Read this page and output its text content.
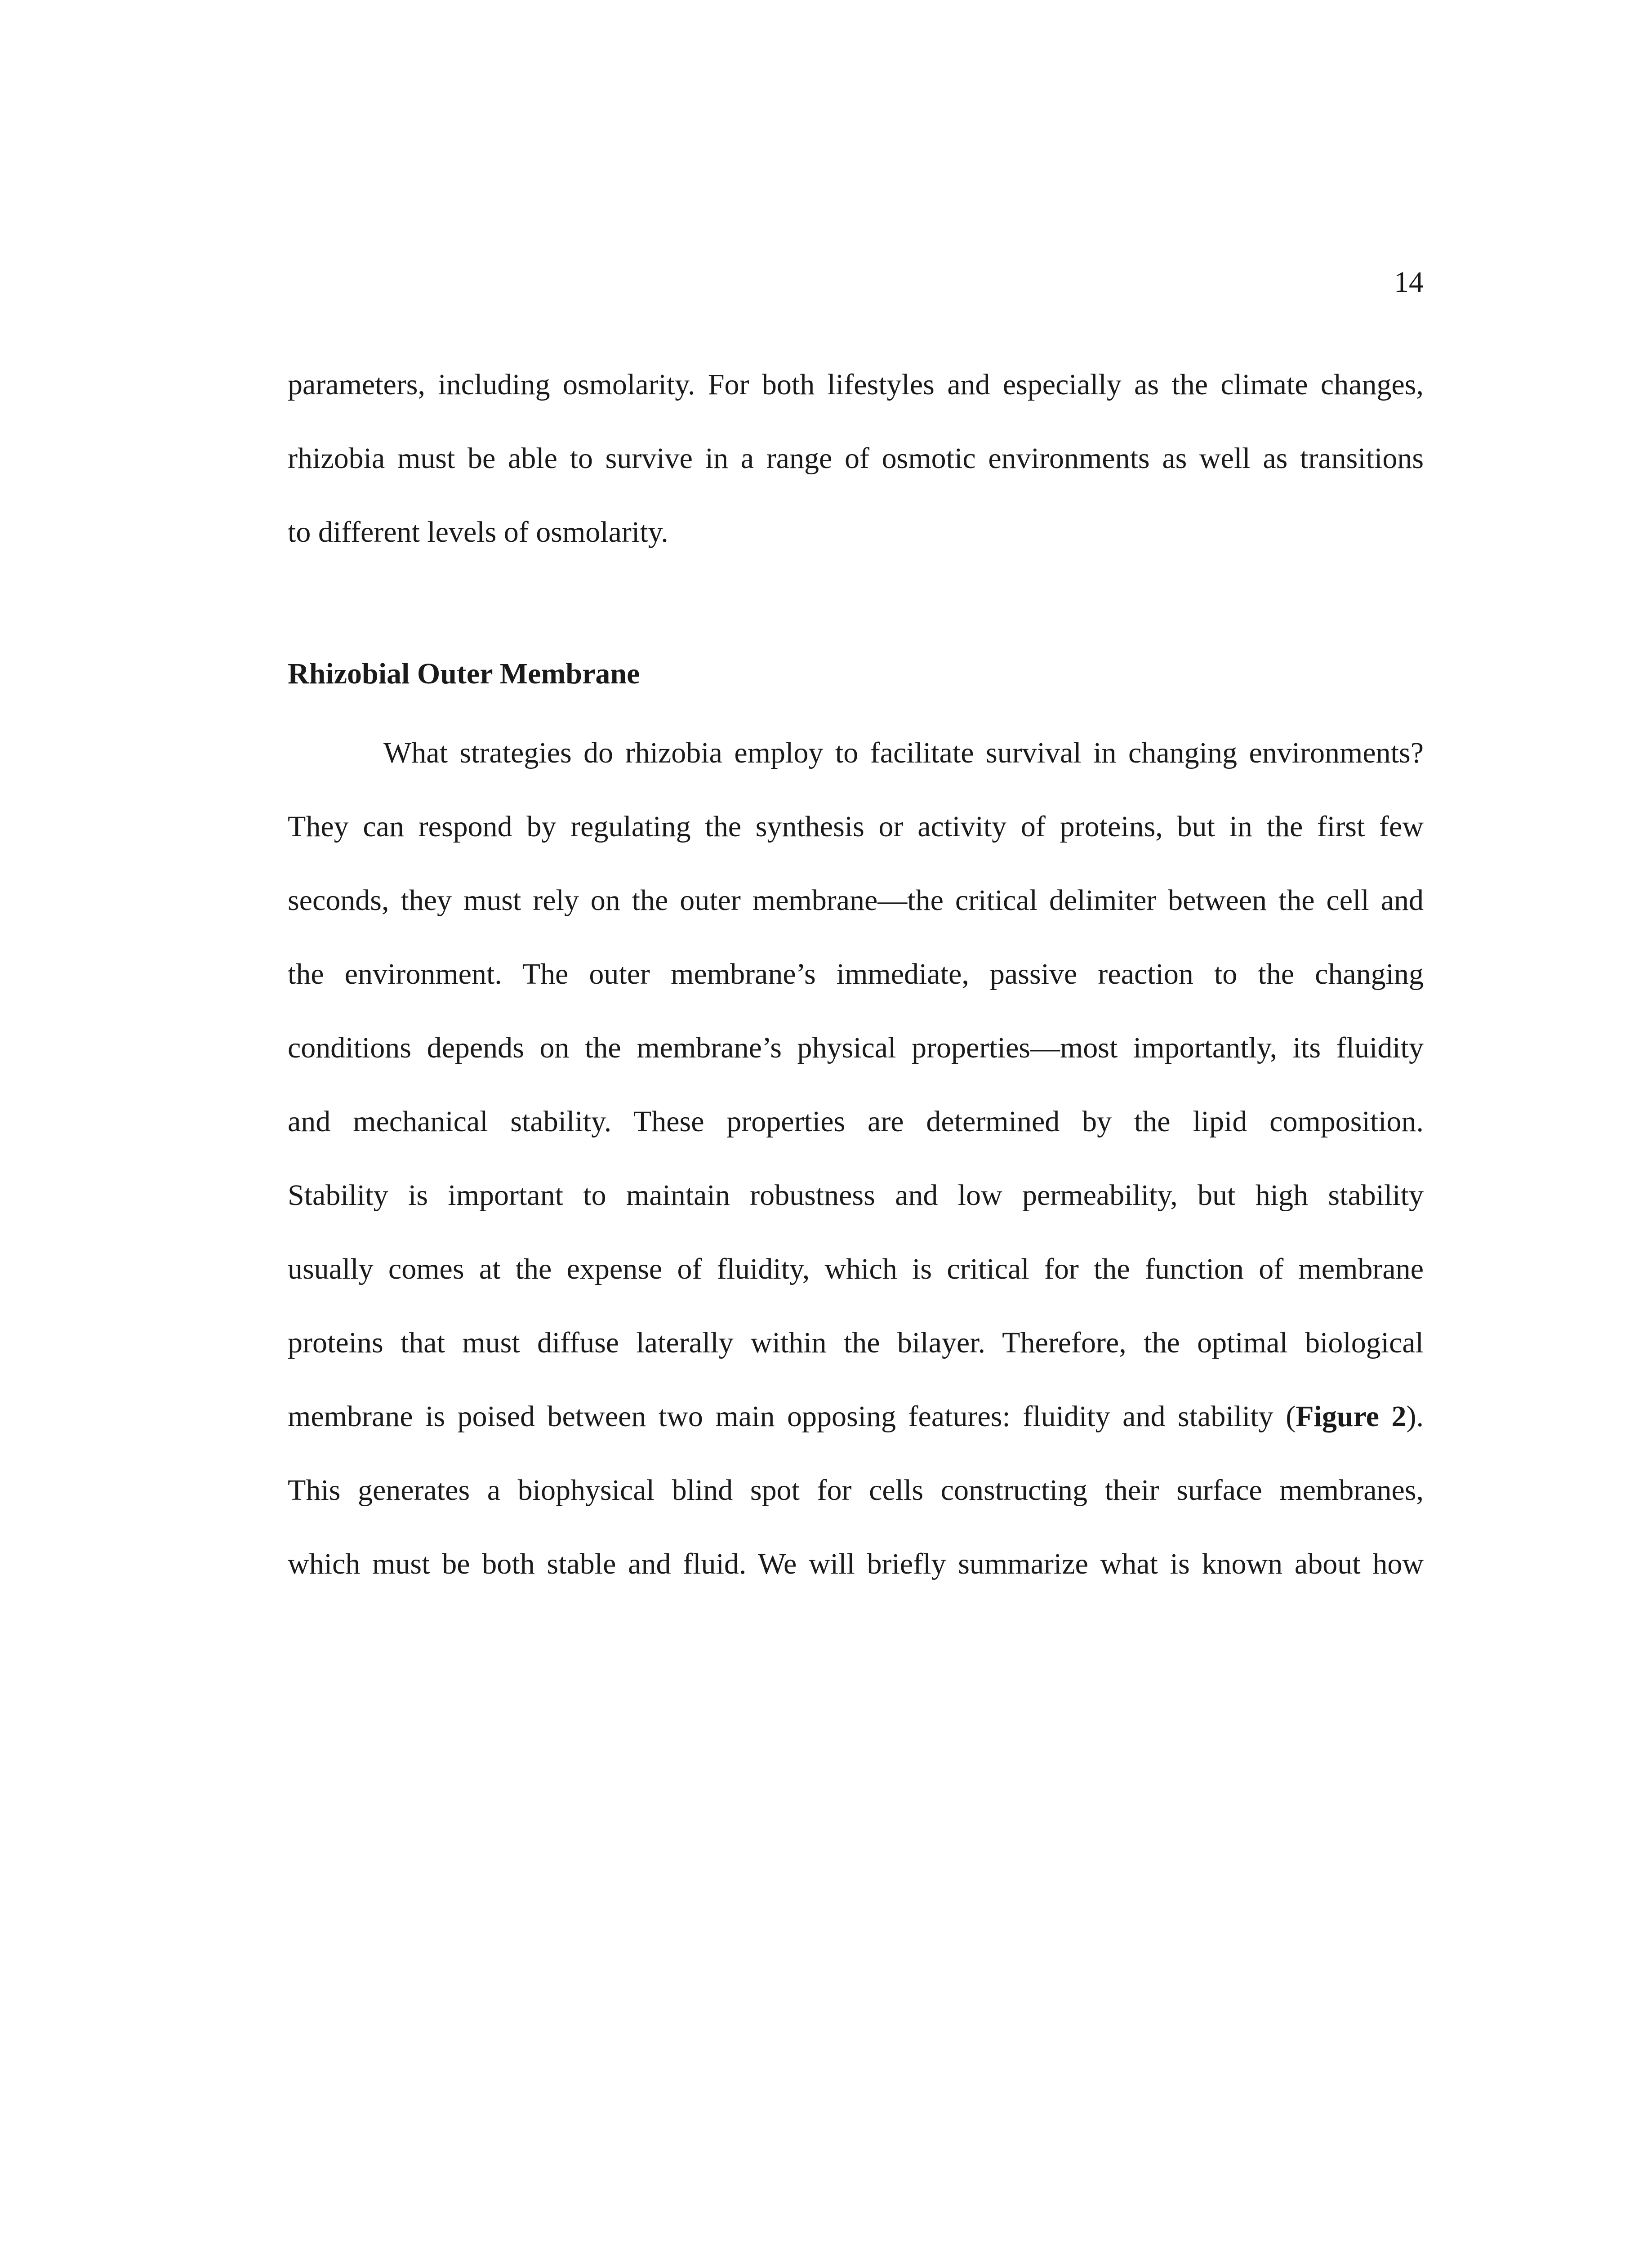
14
parameters, including osmolarity. For both lifestyles and especially as the climate changes,
rhizobia must be able to survive in a range of osmotic environments as well as transitions
to different levels of osmolarity.
Rhizobial Outer Membrane
What strategies do rhizobia employ to facilitate survival in changing environments?
They can respond by regulating the synthesis or activity of proteins, but in the first few
seconds, they must rely on the outer membrane—the critical delimiter between the cell and
the environment. The outer membrane’s immediate, passive reaction to the changing
conditions depends on the membrane’s physical properties—most importantly, its fluidity
and mechanical stability. These properties are determined by the lipid composition.
Stability is important to maintain robustness and low permeability, but high stability
usually comes at the expense of fluidity, which is critical for the function of membrane
proteins that must diffuse laterally within the bilayer. Therefore, the optimal biological
membrane is poised between two main opposing features: fluidity and stability (Figure 2).
This generates a biophysical blind spot for cells constructing their surface membranes,
which must be both stable and fluid. We will briefly summarize what is known about how
